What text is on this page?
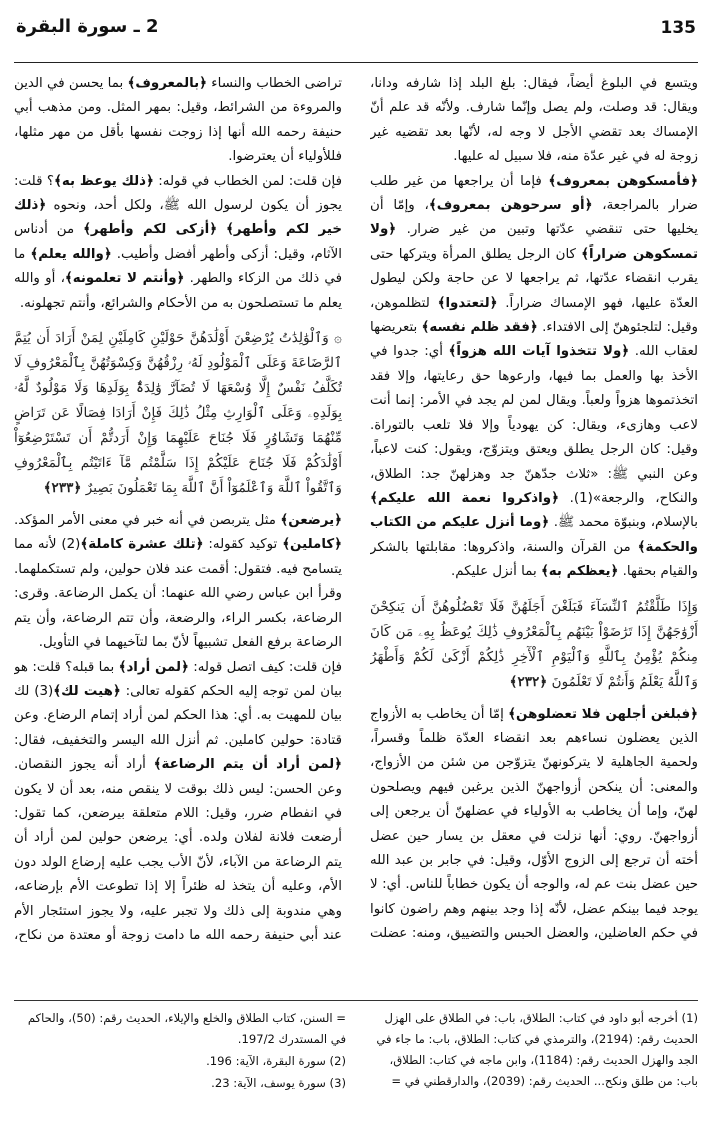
135
2 ـ سورة البقرة

ويتسع في البلوغ أيضاً، فيقال: بلغ البلد إذا شارفه ودانا، ويقال: قد وصلت، ولم يصل وإنّما شارف. ولأنّه قد علم أنّ الإمساك بعد تقضي الأجل لا وجه له، لأنّها بعد تقضيه غير زوجة له في غير عدّة منه، فلا سبيل له عليها.

﴿فأمسكوهن بمعروف﴾ فإما أن يراجعها من غير طلب ضرار بالمراجعة، ﴿أو سرحوهن بمعروف﴾، وإمّا أن يخليها حتى تنقضي عدّتها وتبين من غير ضرار. ﴿ولا تمسكوهن ضراراً﴾ كان الرجل يطلق المرأة ويتركها حتى يقرب انقضاء عدّتها، ثم يراجعها لا عن حاجة ولكن ليطول العدّة عليها، فهو الإمساك ضراراً. ﴿لتعتدوا﴾ لتظلموهن، وقيل: لتلجئوهنّ إلى الافتداء. ﴿فقد ظلم نفسه﴾ بتعريضها لعقاب الله. ﴿ولا تتخذوا آيات الله هزواً﴾ أي: جدوا في الأخذ بها والعمل بما فيها، وارعوها حق رعايتها، وإلا فقد اتخذتموها هزواً ولعباً. ويقال لمن لم يجد في الأمر: إنما أنت لاعب وهازىء، ويقال: كن يهودياً وإلا فلا تلعب بالتوراة. وقيل: كان الرجل يطلق ويعتق ويتزوّج، ويقول: كنت لاعباً، وعن النبي ﷺ: «ثلاث جدّهنّ جد وهزلهنّ جد: الطلاق، والنكاح، والرجعة»(1). ﴿واذكروا نعمة الله عليكم﴾ بالإسلام، وبنبوّة محمد ﷺ. ﴿وما أنزل عليكم من الكتاب والحكمة﴾ من القرآن والسنة، واذكروها: مقابلتها بالشكر والقيام بحقها. ﴿يعظكم به﴾ بما أنزل عليكم.

وَإِذَا طَلَّقْتُمُ ٱلنِّسَآءَ فَبَلَغْنَ أَجَلَهُنَّ فَلَا تَعْضُلُوهُنَّ أَن يَنكِحْنَ أَزْوَٰجَهُنَّ إِذَا تَرَٰضَوْاْ بَيْنَهُم بِٱلْمَعْرُوفِ ذَٰلِكَ يُوعَظُ بِهِۦ مَن كَانَ مِنكُمْ يُؤْمِنُ بِٱللَّهِ وَٱلْيَوْمِ ٱلْأٓخِرِ ذَٰلِكُمْ أَزْكَىٰ لَكُمْ وَأَطْهَرُ وَٱللَّهُ يَعْلَمُ وَأَنتُمْ لَا تَعْلَمُونَ ﴿٢٣٢﴾

﴿فبلغن أجلهن فلا تعضلوهن﴾ إمّا أن يخاطب به الأزواج الذين يعضلون نساءهم بعد انقضاء العدّة ظلماً وقسراً، ولحمية الجاهلية لا يتركونهنّ يتزوّجن من شئن من الأزواج، والمعنى: أن ينكحن أزواجهنّ الذين يرغبن فيهم ويصلحون لهنّ، وإما أن يخاطب به الأولياء في عضلهنّ أن يرجعن إلى أزواجهنّ. روي: أنها نزلت في معقل بن يسار حين عضل أخته أن ترجع إلى الزوج الأوّل، وقيل: في جابر بن عبد الله حين عضل بنت عم له، والوجه أن يكون خطاباً للناس. أي: لا يوجد فيما بينكم عضل، لأنّه إذا وجد بينهم وهم راضون كانوا في حكم العاضلين، والعضل الحبس والتضييق، ومنه: عضلت

تراضى الخطاب والنساء ﴿بالمعروف﴾ بما يحسن في الدين والمروءة من الشرائط، وقيل: بمهر المثل. ومن مذهب أبي حنيفة رحمه الله أنها إذا زوجت نفسها بأقل من مهر مثلها، فللأولياء أن يعترضوا.

فإن قلت: لمن الخطاب في قوله: ﴿ذلك يوعظ به﴾؟ قلت: يجوز أن يكون لرسول الله ﷺ، ولكل أحد، ونحوه ﴿ذلك خير لكم وأطهر﴾ ﴿أزكى لكم وأطهر﴾ من أدناس الآثام، وقيل: أزكى وأطهر أفضل وأطيب. ﴿والله يعلم﴾ ما في ذلك من الزكاء والطهر. ﴿وأنتم لا تعلمونه﴾، أو والله يعلم ما تستصلحون به من الأحكام والشرائع، وأنتم تجهلونه.

۞ وَٱلْوَٰلِدَٰتُ يُرْضِعْنَ أَوْلَٰدَهُنَّ حَوْلَيْنِ كَامِلَيْنِ لِمَنْ أَرَادَ أَن يُتِمَّ ٱلرَّضَاعَةَ وَعَلَى ٱلْمَوْلُودِ لَهُۥ رِزْقُهُنَّ وَكِسْوَتُهُنَّ بِٱلْمَعْرُوفِ لَا تُكَلَّفُ نَفْسٌ إِلَّا وُسْعَهَا لَا تُضَآرَّ وَٰلِدَةٌۢ بِوَلَدِهَا وَلَا مَوْلُودٌ لَّهُۥ بِوَلَدِهِۦ وَعَلَى ٱلْوَارِثِ مِثْلُ ذَٰلِكَ فَإِنْ أَرَادَا فِصَالًا عَن تَرَاضٍ مِّنْهُمَا وَتَشَاوُرٍ فَلَا جُنَاحَ عَلَيْهِمَا وَإِنْ أَرَدتُّمْ أَن تَسْتَرْضِعُوٓاْ أَوْلَٰدَكُمْ فَلَا جُنَاحَ عَلَيْكُمْ إِذَا سَلَّمْتُم مَّآ ءَاتَيْتُم بِٱلْمَعْرُوفِ وَٱتَّقُواْ ٱللَّهَ وَٱعْلَمُوٓاْ أَنَّ ٱللَّهَ بِمَا تَعْمَلُونَ بَصِيرٌ ﴿٢٣٣﴾

﴿يرضعن﴾ مثل يتربصن في أنه خبر في معنى الأمر المؤكد. ﴿كاملين﴾ توكيد كقوله: ﴿تلك عشرة كاملة﴾(2) لأنه مما يتسامح فيه. فتقول: أقمت عند فلان حولين، ولم تستكملهما. وقرأ ابن عباس رضي الله عنهما: أن يكمل الرضاعة. وقرى: الرضاعة، بكسر الراء، والرضعة، وأن تتم الرضاعة، وأن يتم الرضاعة برفع الفعل تشبيهاً لأنّ بما لتآخيهما في التأويل.

فإن قلت: كيف اتصل قوله: ﴿لمن أراد﴾ بما قبله؟ قلت: هو بيان لمن توجه إليه الحكم كقوله تعالى: ﴿هيت لك﴾(3) لك بيان للمهيت به. أي: هذا الحكم لمن أراد إتمام الرضاع. وعن قتادة: حولين كاملين. ثم أنزل الله اليسر والتخفيف، فقال: ﴿لمن أراد أن يتم الرضاعة﴾ أراد أنه يجوز النقصان. وعن الحسن: ليس ذلك بوقت لا ينقص منه، بعد أن لا يكون في انفطام ضرر، وقيل: اللام متعلقة بيرضعن، كما تقول: أرضعت فلانة لفلان ولده. أي: يرضعن حولين لمن أراد أن يتم الرضاعة من الآباء، لأنّ الأب يجب عليه إرضاع الولد دون الأم، وعليه أن يتخذ له ظئراً إلا إذا تطوعت الأم بإرضاعه، وهي مندوبة إلى ذلك ولا تجبر عليه، ولا يجوز استئجار الأم عند أبي حنيفة رحمه الله ما دامت زوجة أو معتدة من نكاح،

(1) أخرجه أبو داود في كتاب: الطلاق، باب: في الطلاق على الهزل الحديث رقم: (2194)، والترمذي في كتاب: الطلاق، باب: ما جاء في الجد والهزل الحديث رقم: (1184)، وابن ماجه في كتاب: الطلاق، باب: من طلق ونكح... الحديث رقم: (2039)، والدارقطني في =

= السنن، كتاب الطلاق والخلع والإيلاء، الحديث رقم: (50)، والحاكم في المستدرك 197/2.

(2) سورة البقرة، الآية: 196.

(3) سورة يوسف، الآية: 23.
